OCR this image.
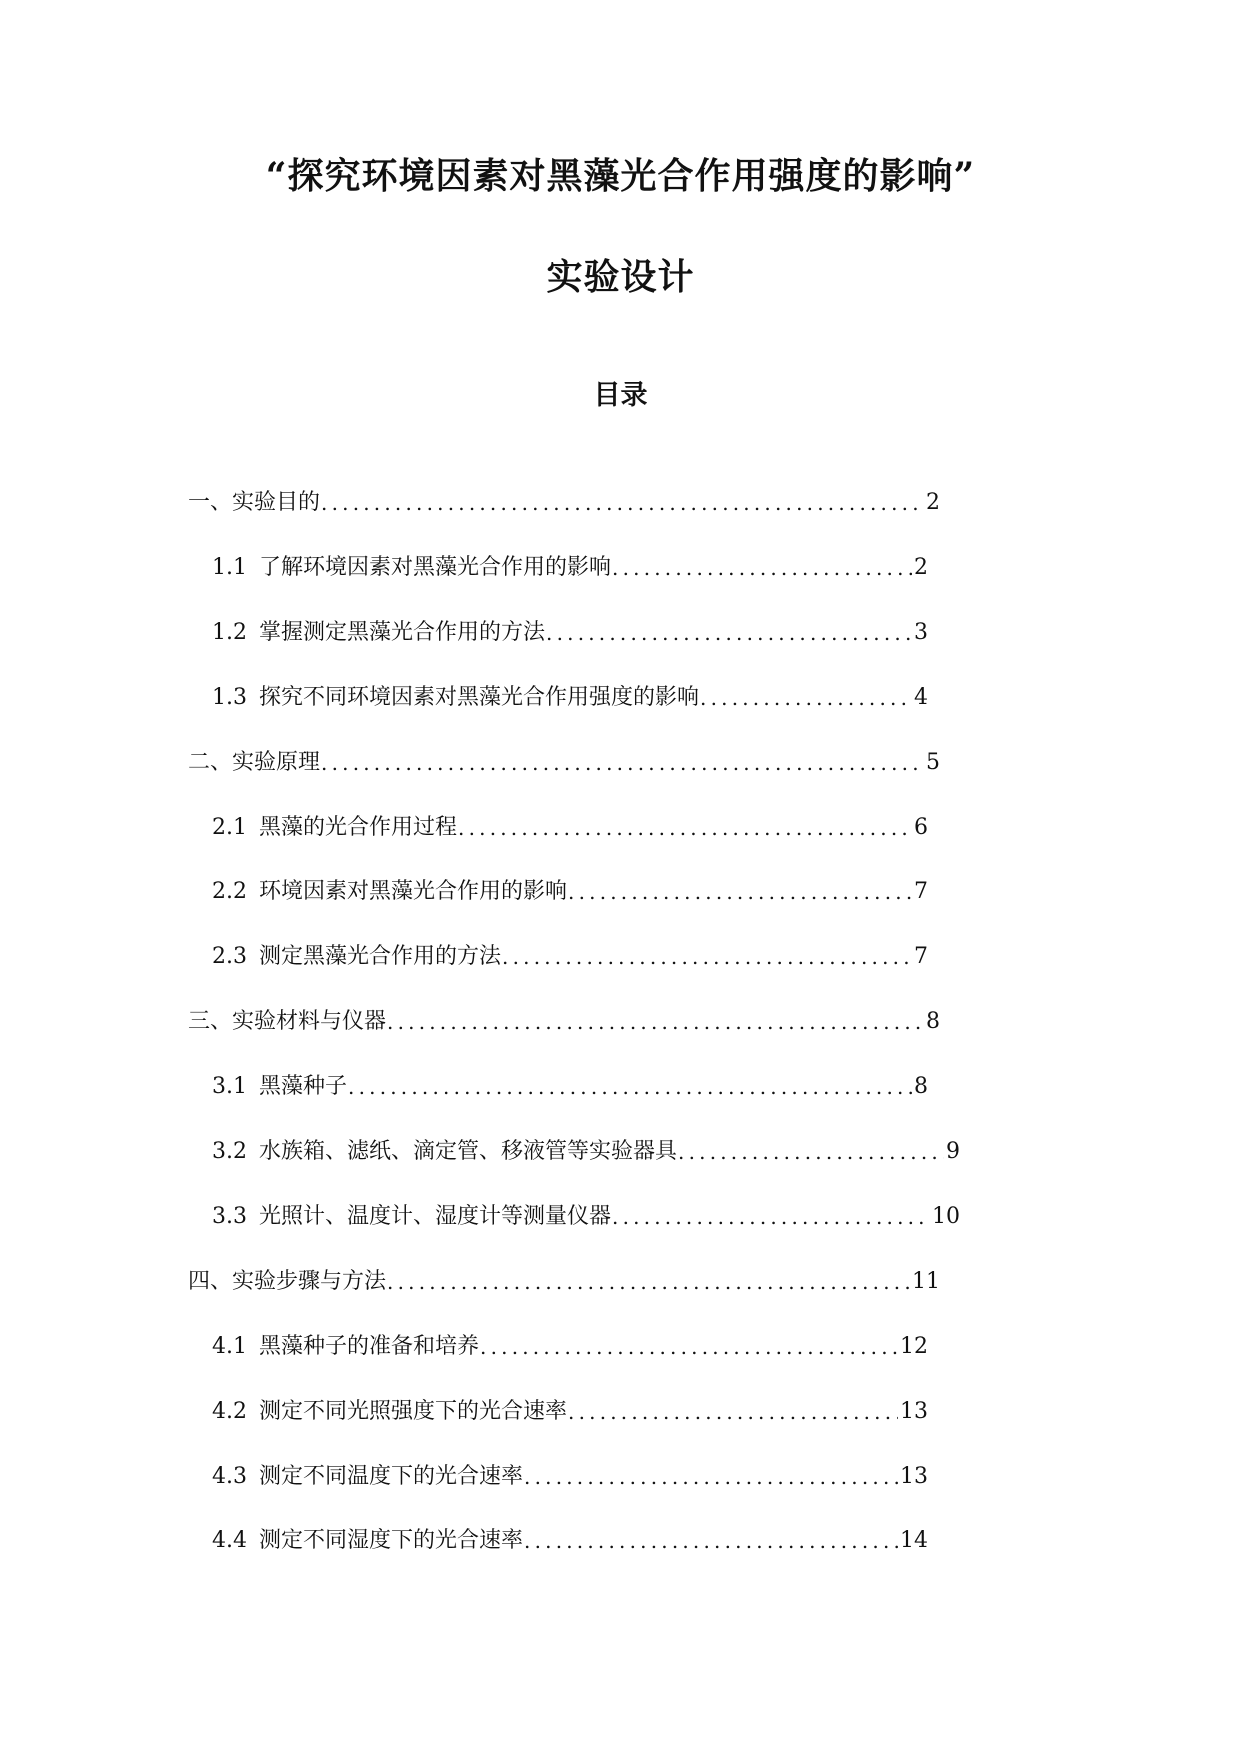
“探究环境因素对黑藻光合作用强度的影响”
实验设计
目录
一、实验目的 .....	2
1.1 了解环境因素对黑藻光合作用的影响 .....	2
1.2 掌握测定黑藻光合作用的方法 .....	3
1.3 探究不同环境因素对黑藻光合作用强度的影响 .....	4
二、实验原理 .....	5
2.1 黑藻的光合作用过程 .....	6
2.2 环境因素对黑藻光合作用的影响 .....	7
2.3 测定黑藻光合作用的方法 .....	7
三、实验材料与仪器 .....	8
3.1 黑藻种子 .....	8
3.2 水族箱、滤纸、滴定管、移液管等实验器具 .....	9
3.3 光照计、温度计、湿度计等测量仪器 .....	10
四、实验步骤与方法 .....	11
4.1 黑藻种子的准备和培养 .....	12
4.2 测定不同光照强度下的光合速率 .....	13
4.3 测定不同温度下的光合速率 .....	13
4.4 测定不同湿度下的光合速率 .....	14
